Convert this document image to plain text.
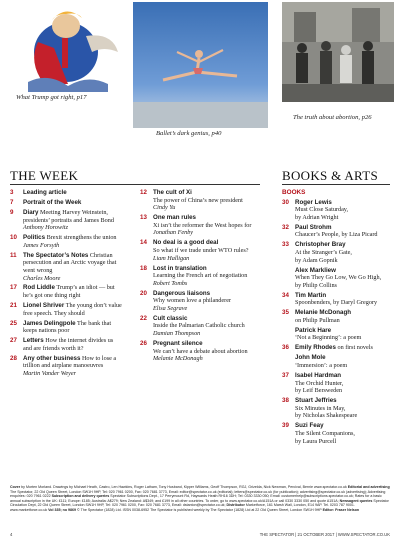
What Trump got right, p17
Ballet’s dark genius, p40
The truth about abortion, p26
THE WEEK	BOOKS & ARTS
3	Leading article
7	Portrait of the Week
9	Diary Meeting Harvey Weinstein, presidents’ portraits and James Bond
Anthony Horowitz
10 Politics Brexit strengthens the union
James Forsyth
11	The Spectator’s Notes Christian persecution and an Arctic voyage that went wrong
Charles Moore
17 Rod Liddle Trump’s an idiot — but he’s got one thing right
21 Lionel Shriver The young don’t value free speech. They should
25 James Delingpole The bank that keeps nations poor
27 Letters How the internet divides us and are friends worth it?
28 Any other business How to lose a trillion and airplane manoeuvres
Martin Vander Weyer
12 The cult of Xi
The power of China’s new president
Cindy Yu
13 One man rules
Xi isn’t the reformer the West hopes for
Jonathan Fenby
14 No deal is a good deal
So what if we trade under WTO rules?
Liam Halligan
18 Lost in translation
Learning the French art of negotiation
Robert Tombs
20 Dangerous liaisons
Why women love a philanderer
Elisa Segrave
22 Cult classic
Inside the Palmarian Catholic church
Damian Thompson
26 Pregnant silence
We can’t have a debate about abortion
Melanie McDonagh
BOOKS
30 Roger Lewis
Must Close Saturday,
by Adrian Wright
32 Paul Strohm
Chaucer’s People, by Liza Picard
33 Christopher Bray
At the Stranger’s Gate,
by Adam Gopnik
Alex Markliew
When They Go Low, We Go High,
by Philip Collins
34 Tim Martin
Spoonbenders, by Daryl Gregory
35 Melanie McDonagh
on Philip Pullman
Patrick Hare
‘Not a Beginning’: a poem
36 Emily Rhodes on first novels
John Mole
‘Immersion’: a poem
37 Isabel Hardman
The Orchid Hunter,
by Leif Bersweden
38 Stuart Jeffries
Six Minutes in May,
by Nicholas Shakespeare
39 Suzi Feay
The Silent Companions,
by Laura Purcell
Cover by Morten Morland. Drawings by Michael Heath, Castro, Len Hawkins, Roger Latham, Tony Husband, Kipper Williams, Geoff Thompson, RGJ, Grizelda, Nick Newman, Percival, Bernie www.spectator.co.uk Editorial and advertising The Spectator, 22 Old Queen Street, London SW1H 9HP, Tel: 020 7961 0200, Fax: 020 7681 3773, Email: editor@spectator.co.uk (editorial); letters@spectator.co.uk (for publication); advertising@spectator.co.uk (advertising); Advertising enquiries: 020 7961 0222 Subscription and delivery queries Spectator Subscriptions Dept., 17 Perrymount Rd, Haywards Heath RH16 3DH; Tel: 0330 3330 050; Email: customerhelp@subscriptions.spectator.co.uk; Rates for a basic annual subscription in the UK: £111; Europe: £185; Australia: A$279; New Zealand: A$349; and £199 in all other countries. To order, go to www.spectator.co.uk/A151A or call 0330 3330 050 and quote A151A; Newsagent queries Spectator Circulation Dept, 22 Old Queen Street, London SW1H 9HP, Tel: 020 7961 0200, Fax: 020 7681 3773, Email: dstanton@spectator.co.uk; Distributor Marketforce, 161 Marsh Wall, London, E14 9AP. Tel. 0203 787 9001. www.marketforce.co.uk Vol 335; no 9869 © The Spectator (1828) Ltd. ISSN 0038-6952 The Spectator is published weekly by The Spectator (1828) Ltd at 22 Old Queen Street, London SW1H 9HP Editor: Fraser Nelson
4	THE SPECTATOR | 21 OCTOBER 2017 | WWW.SPECTATOR.CO.UK
